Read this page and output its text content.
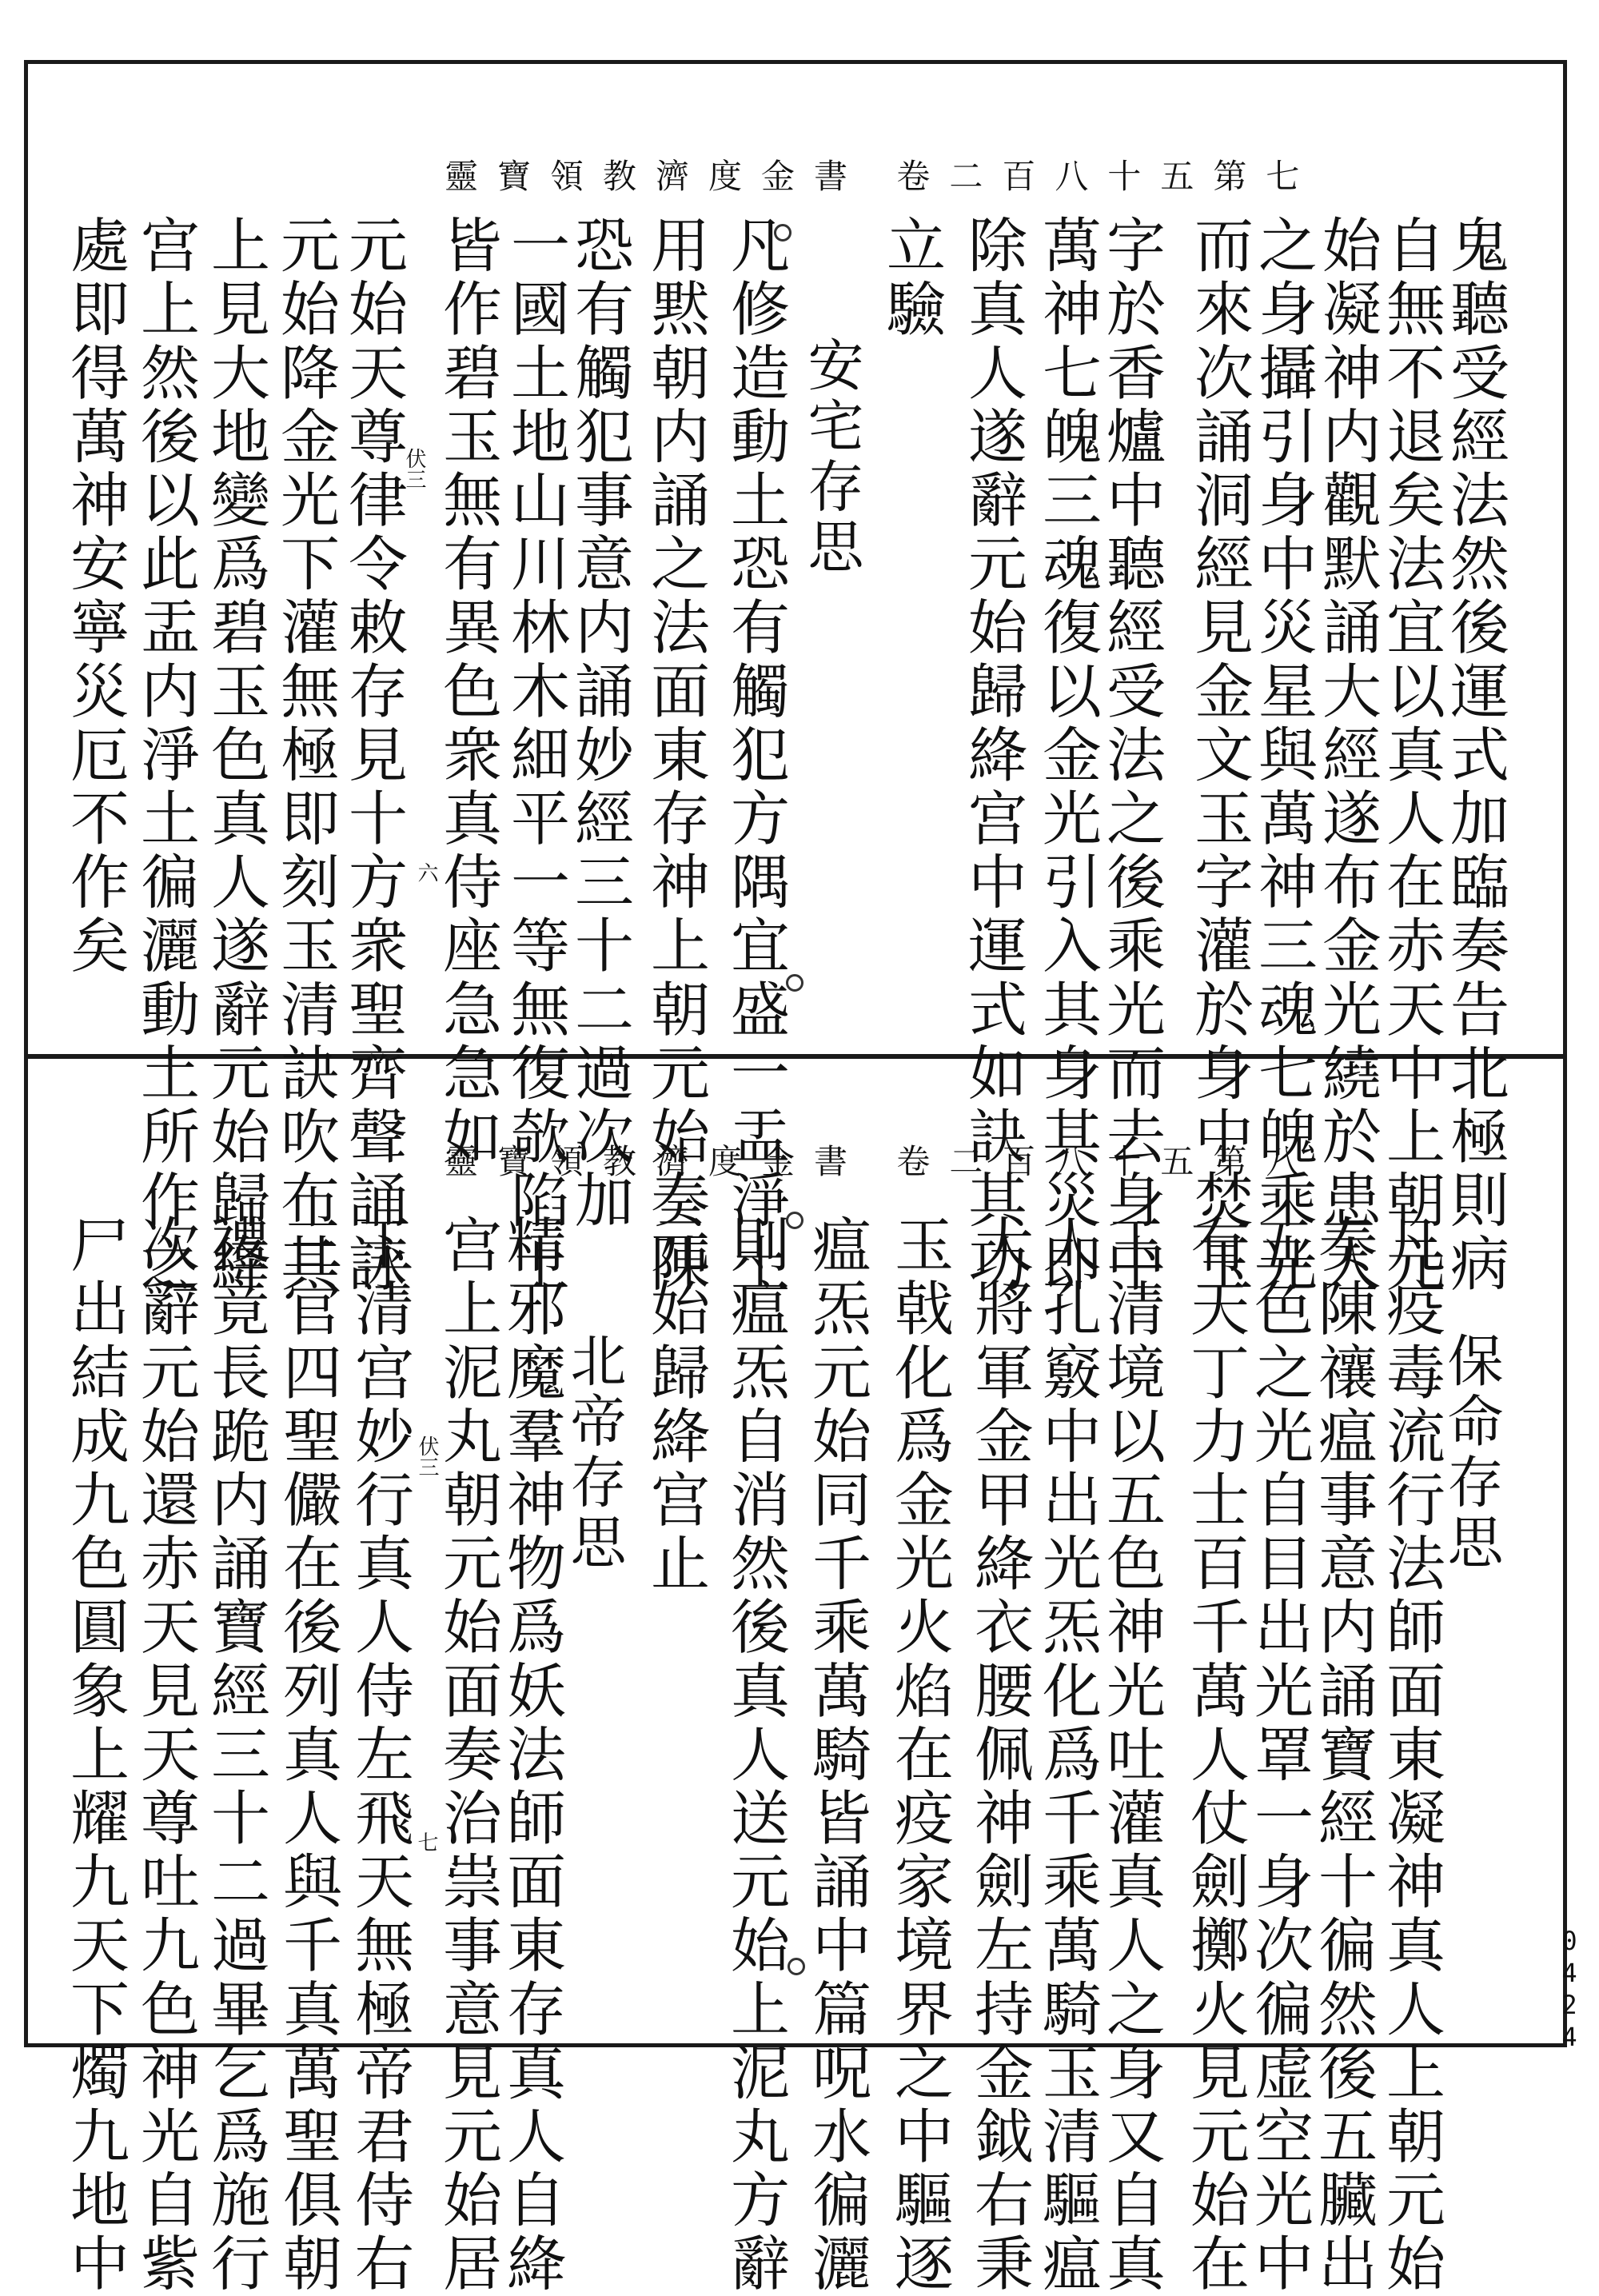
靈寶領教濟度金書 卷二百八十五第七
鬼聽受經法然後運式加臨奏告北極則病
自無不退矣法宜以真人在赤天中上朝元
始凝神内觀默誦大經遂布金光繞於患人
之身攝引身中災星與萬神三魂七魄乘光
而來次誦洞經見金文玉字灌於身中焚玉
字於香爐中聽經受法之後乘光而去身中
萬神七魄三魂復以金光引入其身其災即
除真人遂辭元始歸絳宫中運式如訣其功
立驗
安宅存思
凡修造動土恐有觸犯方隅宜盛一盂淨土
用黙朝内誦之法面東存神上朝元始奏陳
恐有觸犯事意内誦妙經三十二過次加
一國土地山川林木細平一等無復欹陷土
皆作碧玉無有異色衆真侍座急急如
元始天尊律令敕存見十方衆聖齊聲誦詠
元始降金光下灌無極即刻玉清訣吹布其
上見大地變爲碧玉色真人遂辭元始歸絳
宫上然後以此盂内淨土徧灑動土所作之
處即得萬神安寧災厄不作矣	伏三
六
靈寶領教濟度金書 卷二百八十五第八
保命存思
凡疫毒流行法師面東凝神真人上朝元始
奏陳禳瘟事意内誦寶經十徧然後五臟出
五色之光自目出光罩一身次徧虚空光中
有天丁力士百千萬人仗劍擲火見元始在
玉清境以五色神光吐灌真人之身又自真
人孔竅中出光炁化爲千乘萬騎玉清驅瘟
大將軍金甲絳衣腰佩神劍左持金鉞右秉
玉戟化爲金光火焰在疫家境界之中驅逐
瘟炁元始同千乘萬騎皆誦中篇呪水徧灑
則瘟炁自消然後真人送元始上泥丸方辭
元始歸絳宫止
北帝存思
精邪魔羣神物爲妖法師面東存真人自絳
宫上泥丸朝元始面奏治祟事意見元始居
玉清宫妙行真人侍左飛天無極帝君侍右
三官四聖儼在後列真人與千真萬聖俱朝
禮竟長跪内誦寶經三十二過畢乞爲施行
次辭元始還赤天見天尊吐九色神光自紫
尸出結成九色圓象上耀九天下燭九地中	伏三
七
0424
